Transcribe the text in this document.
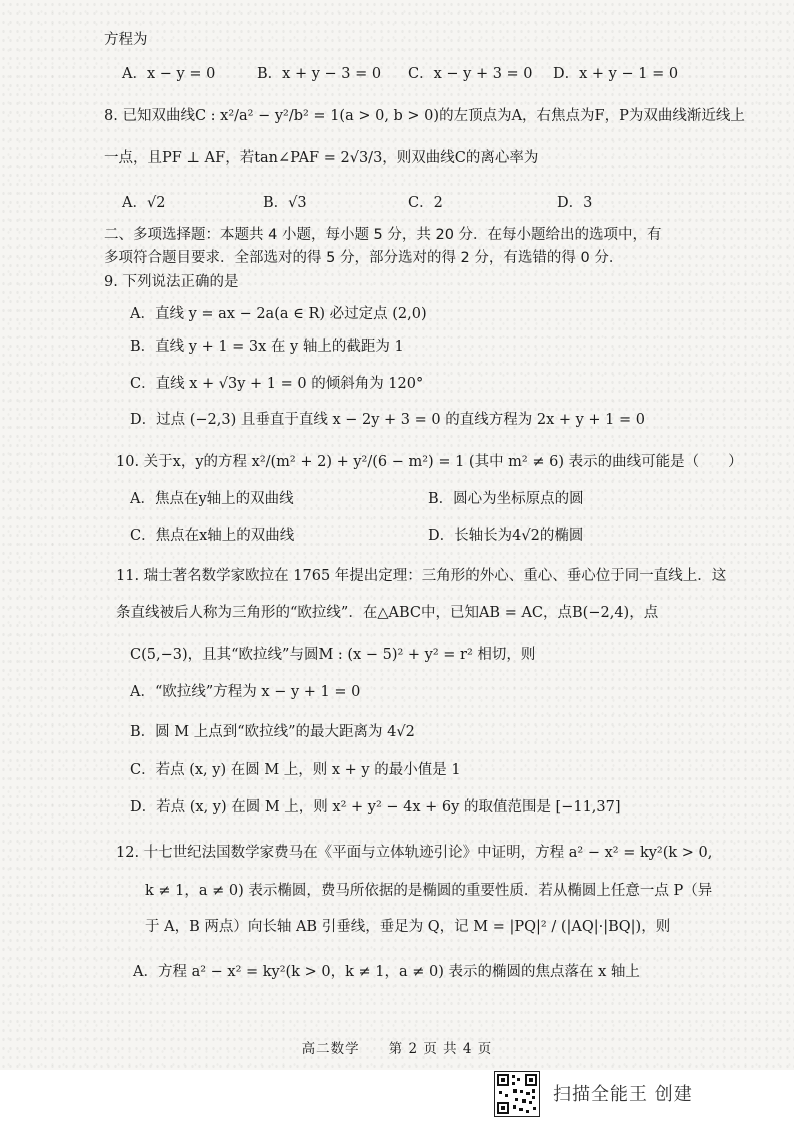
方程为
A．x − y = 0	B．x + y − 3 = 0 C．x − y + 3 = 0 D．x + y − 1 = 0
8. 已知双曲线C : x²/a² − y²/b² = 1(a > 0, b > 0)的左顶点为A，右焦点为F，P为双曲线渐近线上
一点，且PF ⊥ AF，若tan∠PAF = 2√3/3，则双曲线C的离心率为
A．√2	B．√3	C．2	D．3
二、多项选择题：本题共 4 小题，每小题 5 分，共 20 分．在每小题给出的选项中，有
多项符合题目要求．全部选对的得 5 分，部分选对的得 2 分，有选错的得 0 分．
9. 下列说法正确的是
A．直线 y = ax − 2a(a ∈ R) 必过定点 (2,0)
B．直线 y + 1 = 3x 在 y 轴上的截距为 1
C．直线 x + √3y + 1 = 0 的倾斜角为 120°
D．过点 (−2,3) 且垂直于直线 x − 2y + 3 = 0 的直线方程为 2x + y + 1 = 0
10. 关于x，y的方程 x²/(m² + 2) + y²/(6 − m²) = 1 (其中 m² ≠ 6) 表示的曲线可能是（　　）
A．焦点在y轴上的双曲线	B．圆心为坐标原点的圆
C．焦点在x轴上的双曲线	D．长轴长为4√2的椭圆
11. 瑞士著名数学家欧拉在 1765 年提出定理：三角形的外心、重心、垂心位于同一直线上．这
条直线被后人称为三角形的“欧拉线”．在△ABC中，已知AB = AC，点B(−2,4)，点
C(5,−3)，且其“欧拉线”与圆M : (x − 5)² + y² = r² 相切，则
A．“欧拉线”方程为 x − y + 1 = 0
B．圆 M 上点到“欧拉线”的最大距离为 4√2
C．若点 (x, y) 在圆 M 上，则 x + y 的最小值是 1
D．若点 (x, y) 在圆 M 上，则 x² + y² − 4x + 6y 的取值范围是 [−11,37]
12. 十七世纪法国数学家费马在《平面与立体轨迹引论》中证明，方程 a² − x² = ky²(k > 0,
k ≠ 1，a ≠ 0) 表示椭圆，费马所依据的是椭圆的重要性质．若从椭圆上任意一点 P（异
于 A，B 两点）向长轴 AB 引垂线，垂足为 Q，记 M = |PQ|² / (|AQ|·|BQ|)，则
A．方程 a² − x² = ky²(k > 0，k ≠ 1，a ≠ 0) 表示的椭圆的焦点落在 x 轴上
高二数学　　第 2 页 共 4 页
扫描全能王 创建
